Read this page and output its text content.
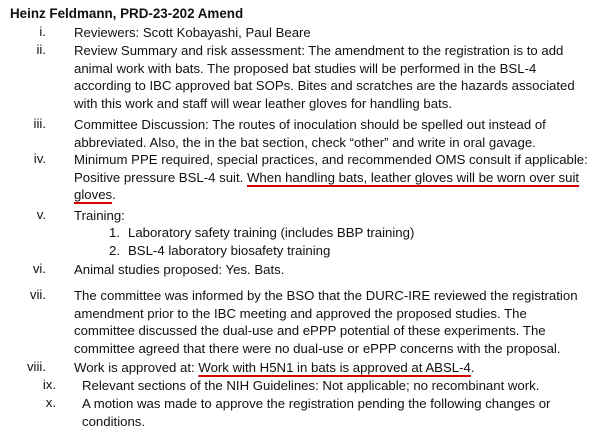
Heinz Feldmann, PRD-23-202 Amend
i. Reviewers: Scott Kobayashi, Paul Beare
ii. Review Summary and risk assessment: The amendment to the registration is to add
animal work with bats. The proposed bat studies will be performed in the BSL-4
according to IBC approved bat SOPs. Bites and scratches are the hazards associated
with this work and staff will wear leather gloves for handling bats.
iii. Committee Discussion: The routes of inoculation should be spelled out instead of
abbreviated. Also, the in the bat section, check “other” and write in oral gavage.
iv. Minimum PPE required, special practices, and recommended OMS consult if applicable:
Positive pressure BSL-4 suit. When handling bats, leather gloves will be worn over suit
gloves.
v. Training:
1. Laboratory safety training (includes BBP training)
2. BSL-4 laboratory biosafety training
vi. Animal studies proposed: Yes. Bats.
vii. The committee was informed by the BSO that the DURC-IRE reviewed the registration
amendment prior to the IBC meeting and approved the proposed studies. The
committee discussed the dual-use and ePPP potential of these experiments. The
committee agreed that there were no dual-use or ePPP concerns with the proposal.
viii. Work is approved at: Work with H5N1 in bats is approved at ABSL-4.
ix. Relevant sections of the NIH Guidelines: Not applicable; no recombinant work.
x. A motion was made to approve the registration pending the following changes or
conditions.
